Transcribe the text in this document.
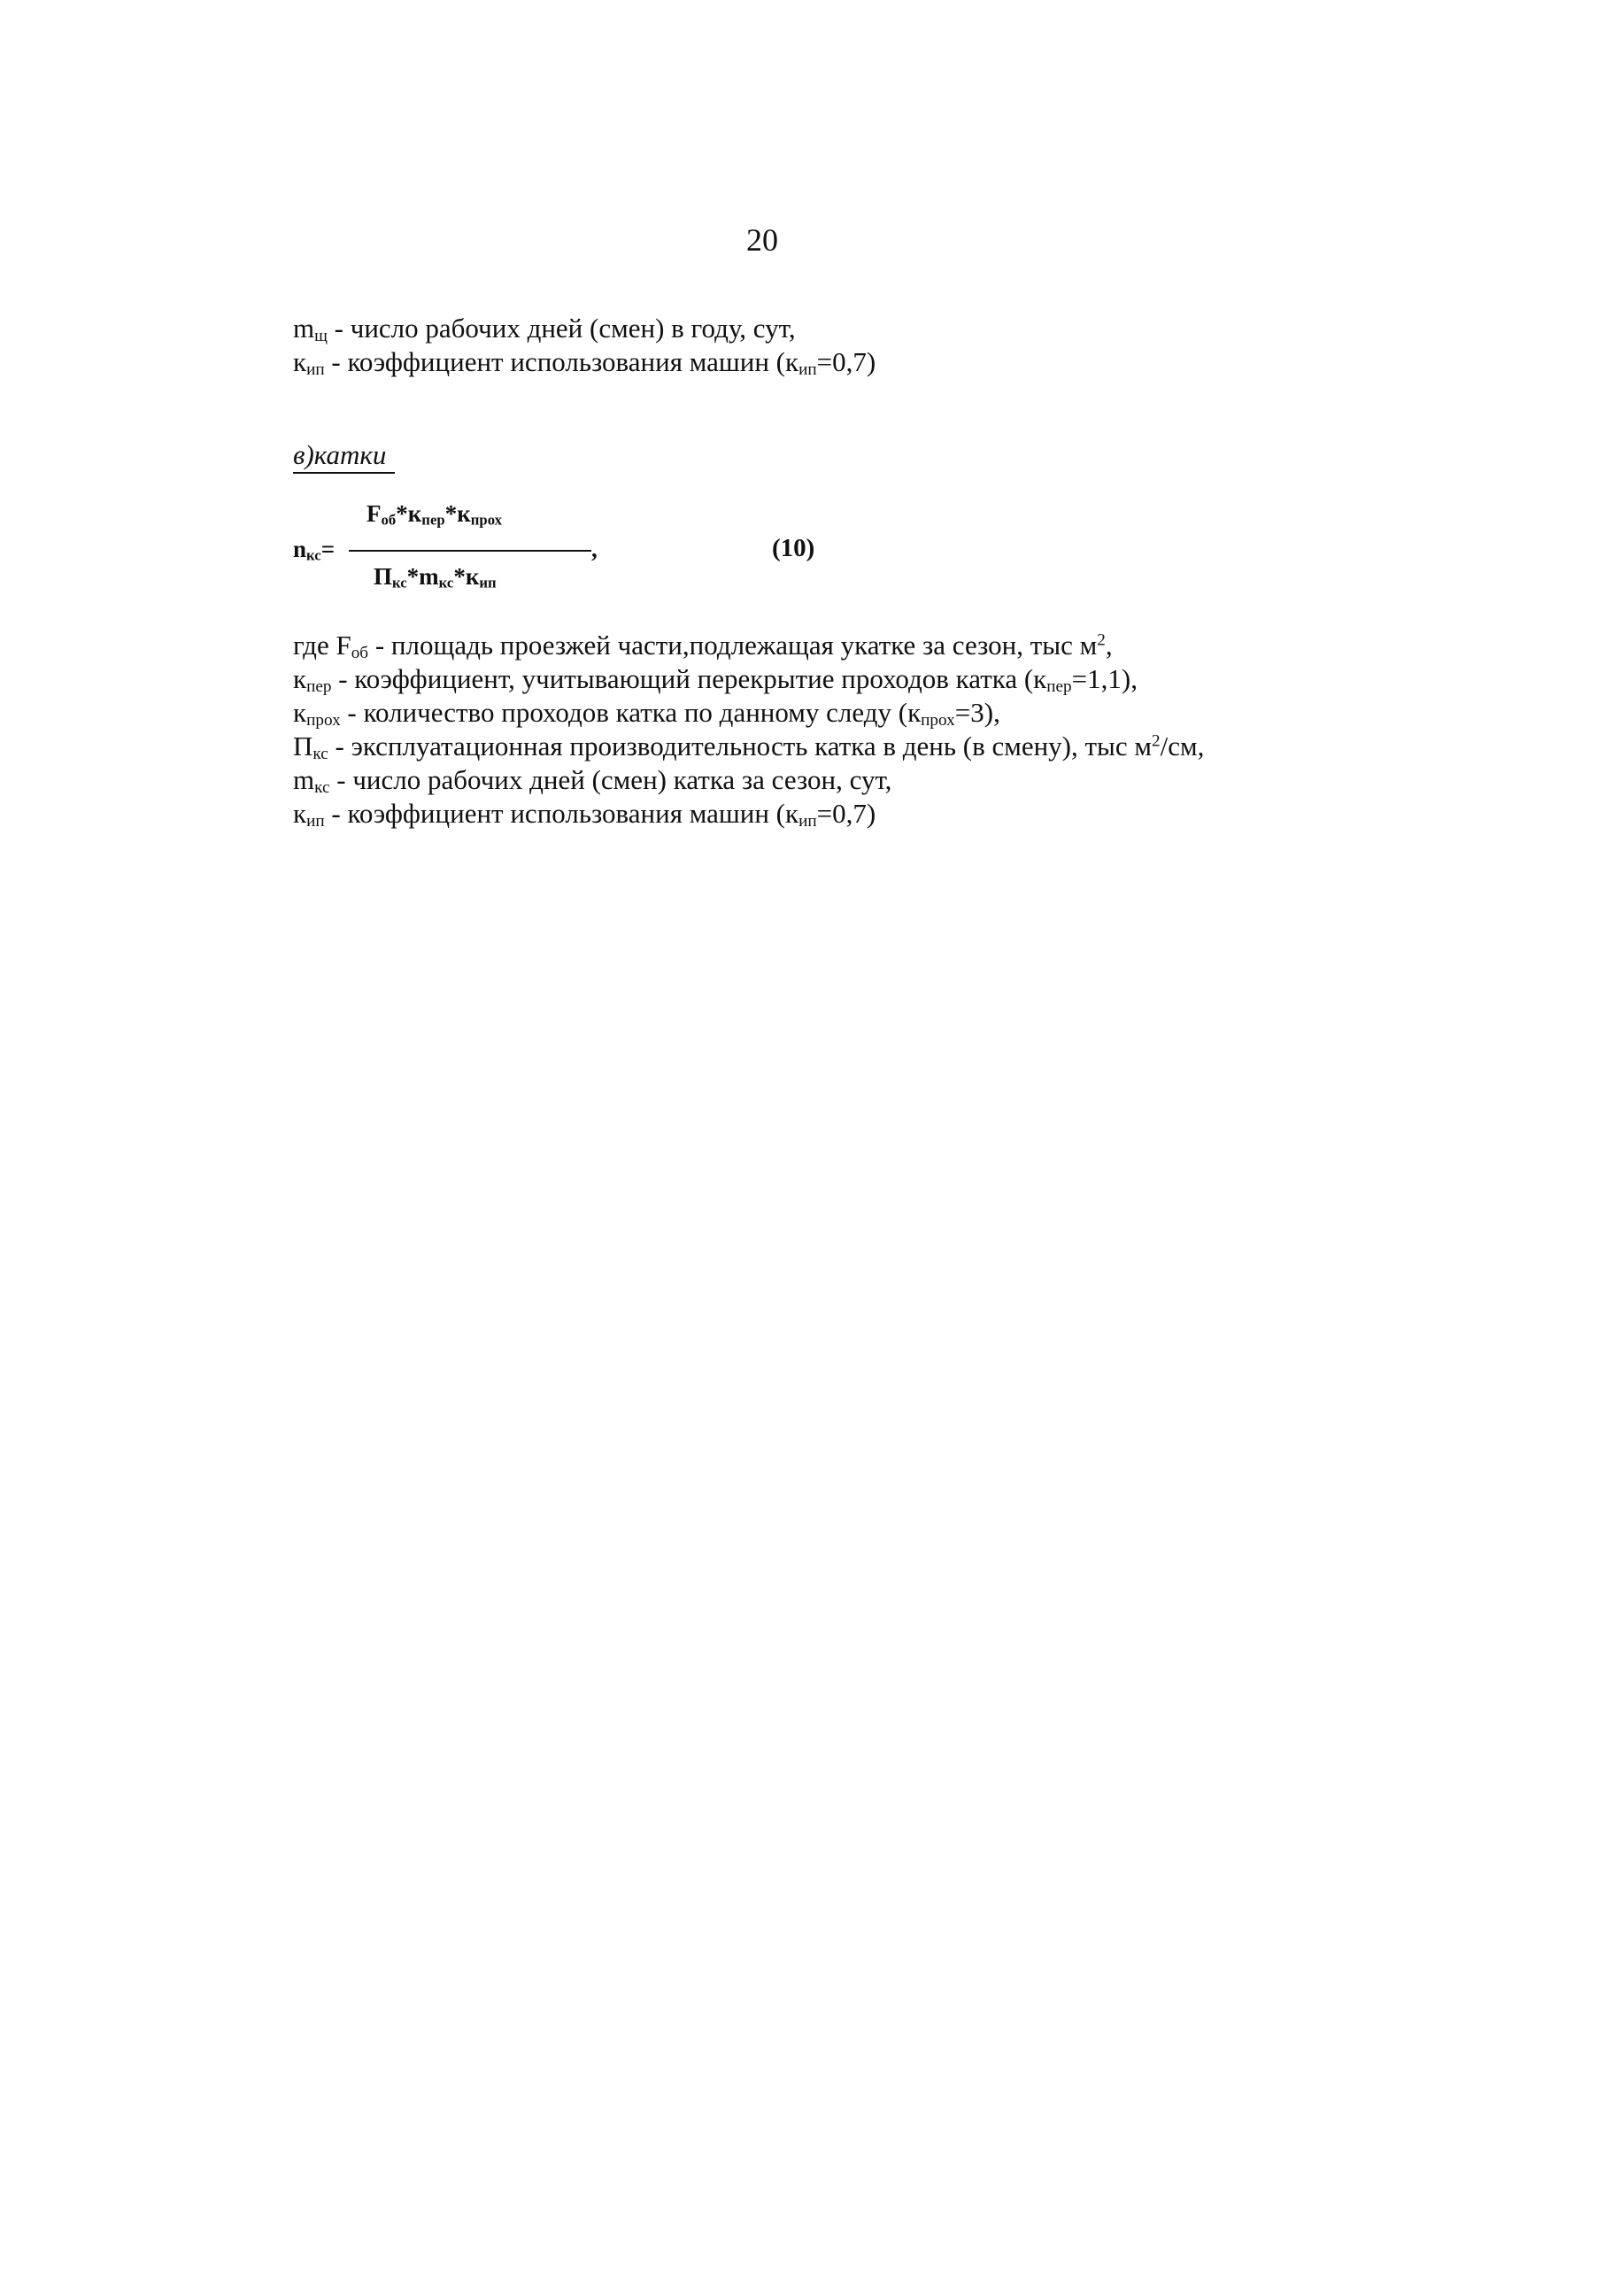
20
$m_щ$ - число рабочих дней (смен) в году, сут,
$к_{ип}$ - коэффициент использования машин $(к_{ип}=0,7)$
в)катки
$n_{кс}=$
$F_{об}*к_{пер}*к_{прох}$
,
$П_{кс}*m_{кс}*к_{ип}$
(10)
где $F_{об}$ - площадь проезжей части,подлежащая укатке за сезон, тыс $м^2$,
$к_{пер}$ - коэффициент, учитывающий перекрытие проходов катка $(к_{пер}=1,1)$,
$к_{прох}$ - количество проходов катка по данному следу $(к_{прох}=3)$,
$П_{кс}$ - эксплуатационная производительность катка в день (в смену), тыс $м^2/см$,
$m_{кс}$ - число рабочих дней (смен) катка за сезон, сут,
$к_{ип}$ - коэффициент использования машин $(к_{ип}=0,7)$
